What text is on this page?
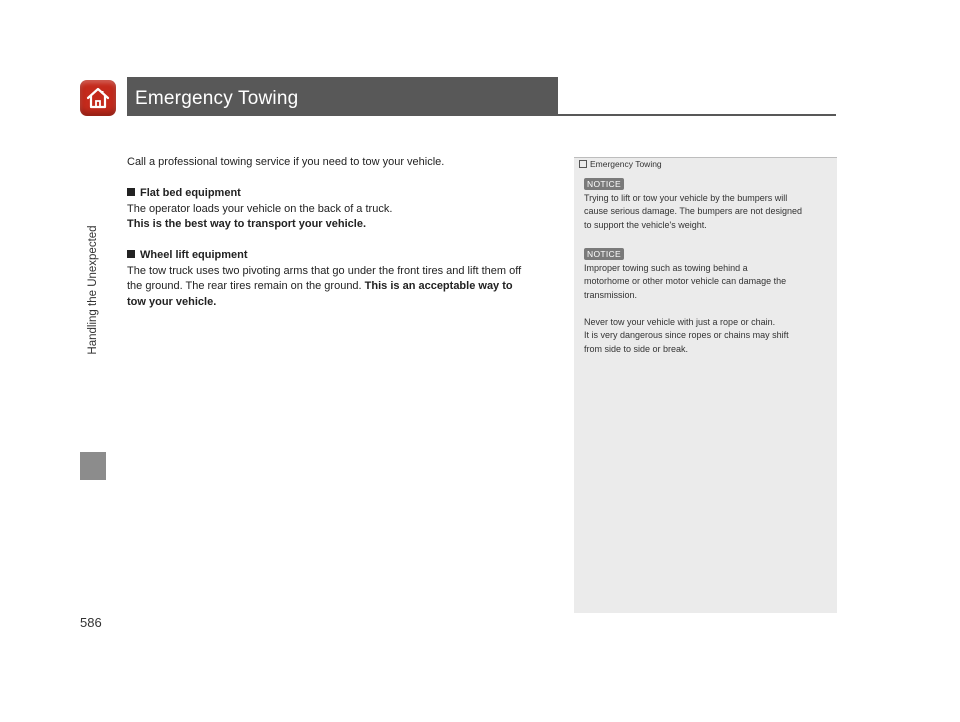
Emergency Towing
Handling the Unexpected
586

Call a professional towing service if you need to tow your vehicle.

Flat bed equipment

The operator loads your vehicle on the back of a truck.

This is the best way to transport your vehicle.

Wheel lift equipment

The tow truck uses two pivoting arms that go under the front tires and lift them off

the ground. The rear tires remain on the ground. This is an acceptable way to

tow your vehicle.

Emergency Towing
NOTICE

Trying to lift or tow your vehicle by the bumpers will

cause serious damage. The bumpers are not designed

to support the vehicle's weight.

NOTICE

Improper towing such as towing behind a

motorhome or other motor vehicle can damage the

transmission.

Never tow your vehicle with just a rope or chain.

It is very dangerous since ropes or chains may shift

from side to side or break.
